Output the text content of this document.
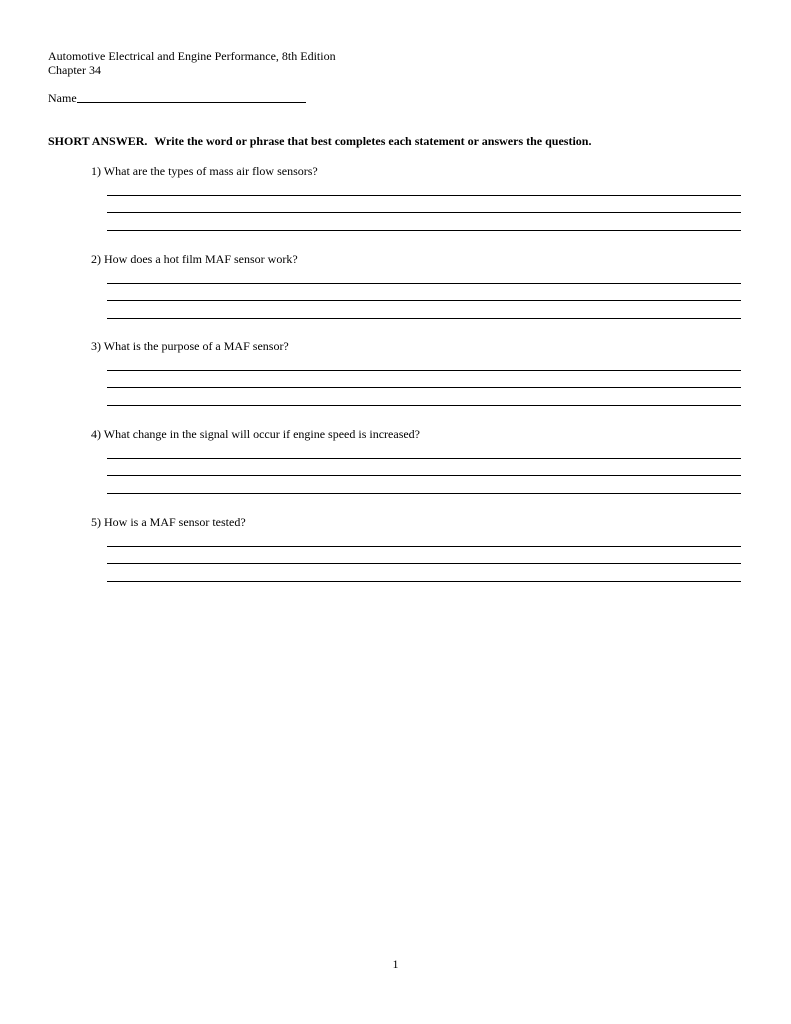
Automotive Electrical and Engine Performance, 8th Edition
Chapter 34
Name
SHORT ANSWER. Write the word or phrase that best completes each statement or answers the question.
1) What are the types of mass air flow sensors?
2) How does a hot film MAF sensor work?
3) What is the purpose of a MAF sensor?
4) What change in the signal will occur if engine speed is increased?
5) How is a MAF sensor tested?
1
